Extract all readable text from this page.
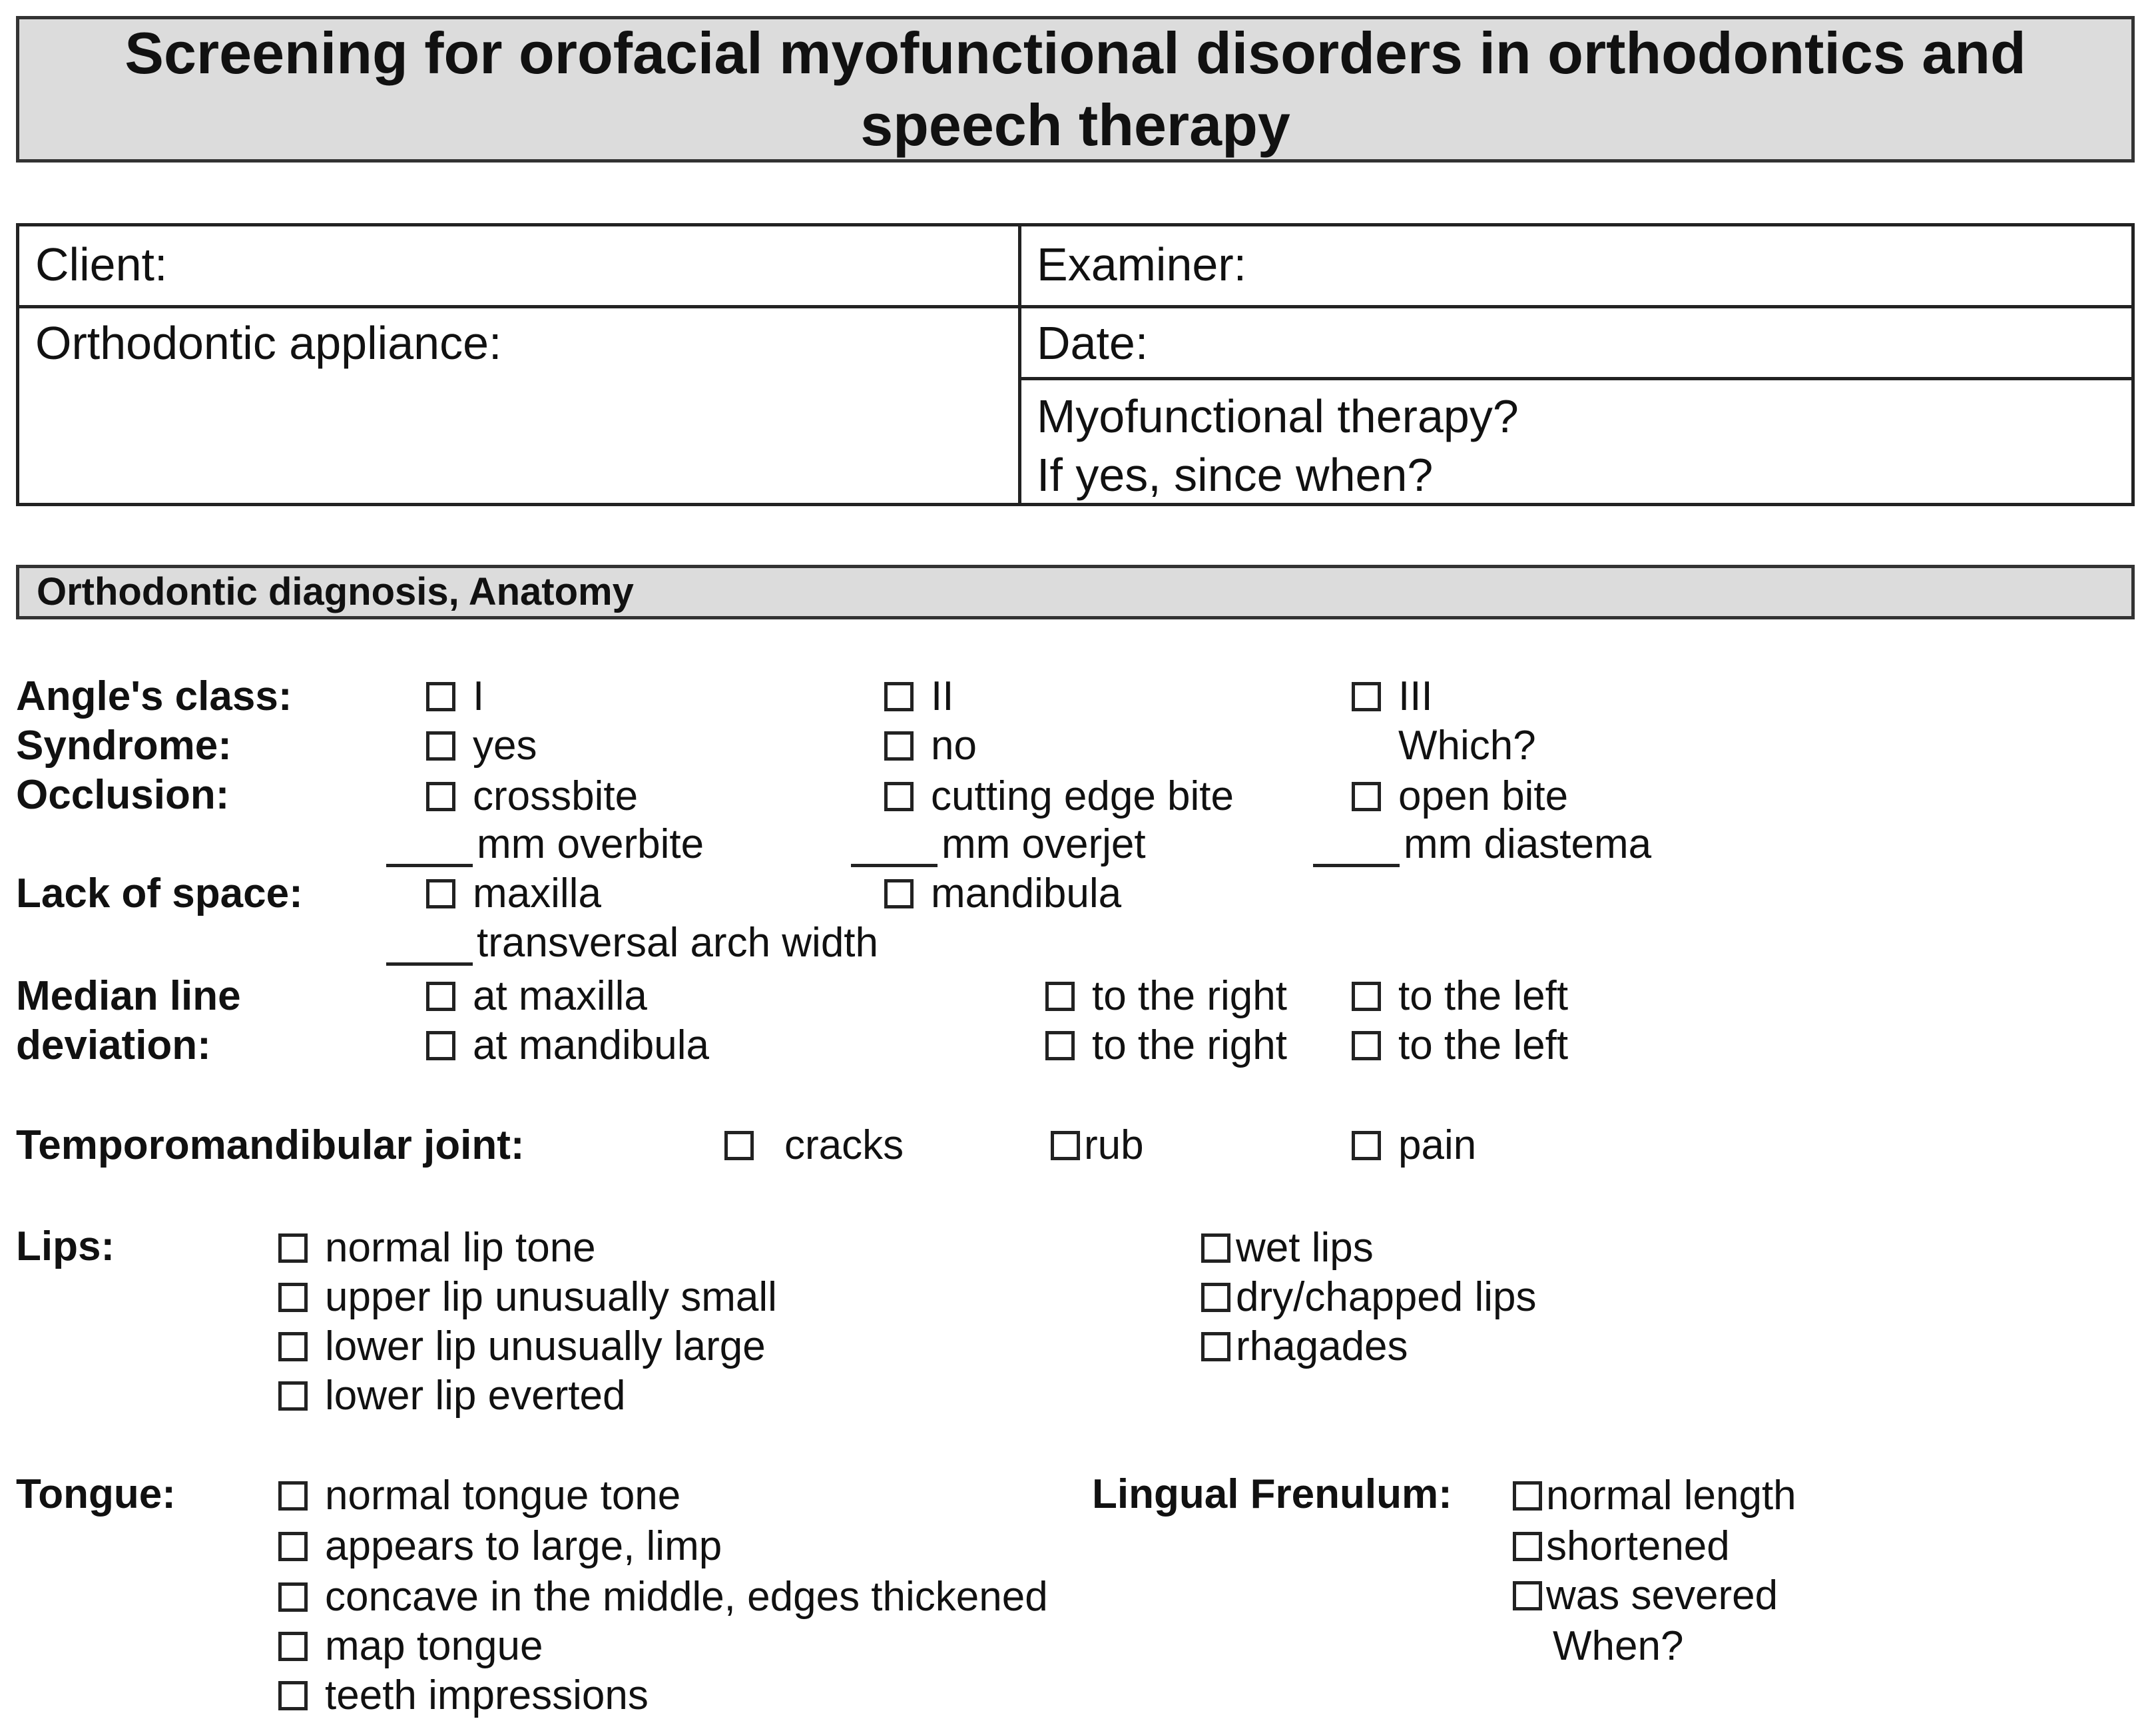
Screening for orofacial myofunctional disorders in orthodontics and
speech therapy
Client:	Examiner:
Orthodontic appliance:	Date:
Myofunctional therapy?
If yes, since when?
Orthodontic diagnosis, Anatomy
Angle's class:	I	II	III
Syndrome:	yes	no	Which?
Occlusion:	crossbite	cutting edge bite	open bite
mm overbite	mm overjet	mm diastema
Lack of space:	maxilla	mandibula
transversal arch width
Median line
deviation:
at maxilla	to the right	to the left
at mandibula	to the right	to the left
Temporomandibular joint:	cracks	rub	pain
Lips:	normal lip tone
upper lip unusually small
lower lip unusually large
lower lip everted
wet lips
dry/chapped lips
rhagades
Tongue:	normal tongue tone
appears to large, limp
concave in the middle, edges thickened
map tongue
teeth impressions
Lingual Frenulum: normal length
shortened
was severed
When?
